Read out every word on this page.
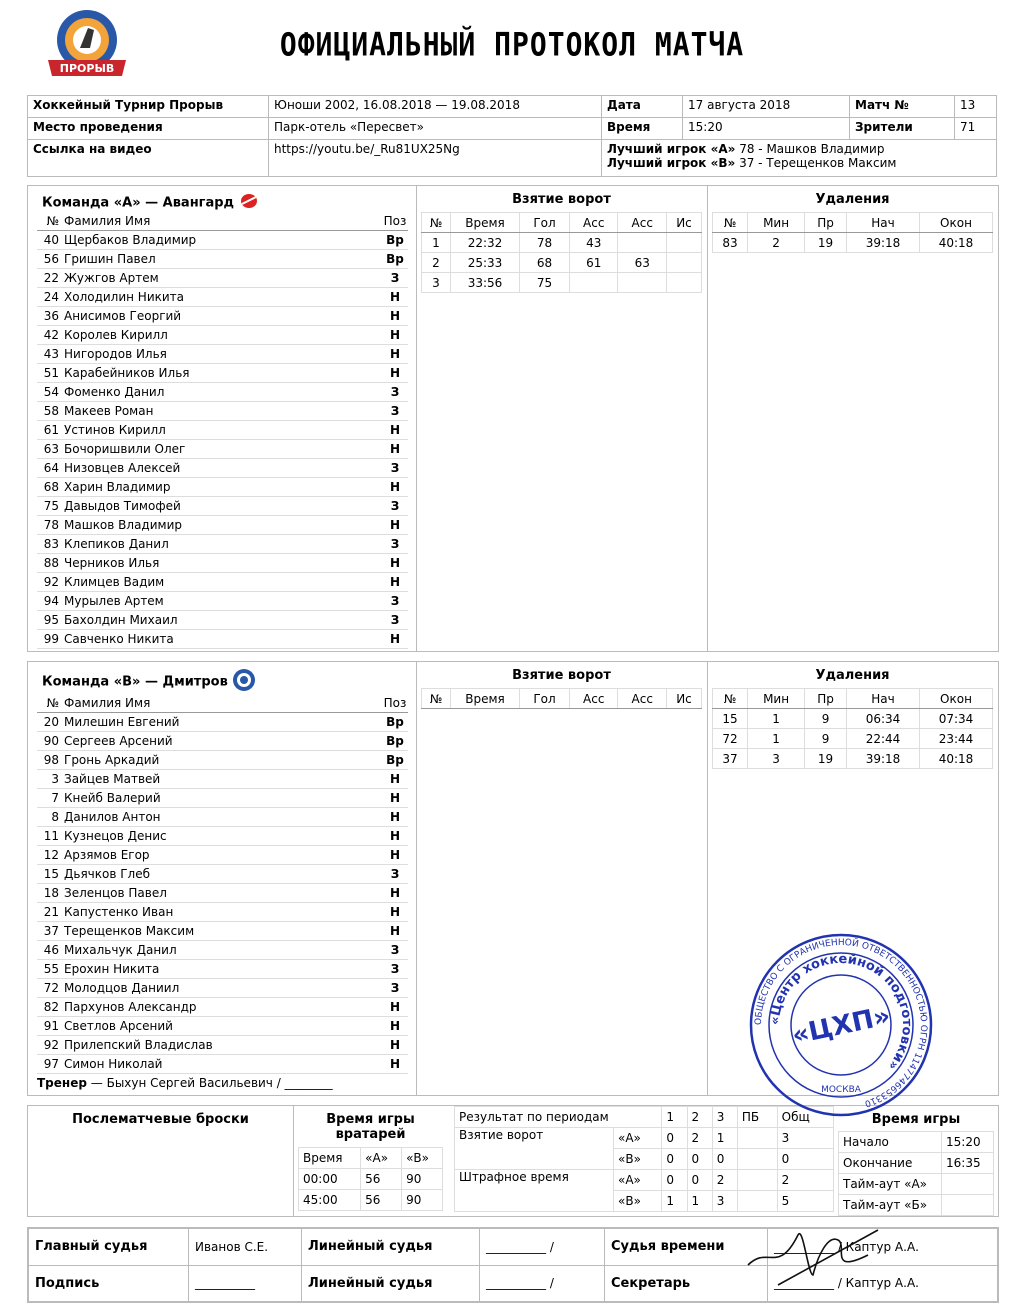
ПРОРЫВ
ОФИЦИАЛЬНЫЙ ПРОТОКОЛ МАТЧА
Хоккейный Турнир Прорыв	Юноши 2002, 16.08.2018 — 19.08.2018	Дата	17 августа 2018	Матч №	13
Место проведения	Парк-отель «Пересвет»	Время	15:20	Зрители	71
Ссылка на видео	https://youtu.be/_Ru81UX25Ng	Лучший игрок «А» 78 - Машков Владимир
Лучший игрок «В» 37 - Терещенков Максим			
Команда «А» — Авангард
№	Фамилия Имя	Поз
40	Щербаков Владимир	Вр
56	Гришин Павел	Вр
22	Жужгов Артем	З
24	Холодилин Никита	Н
36	Анисимов Георгий	Н
42	Королев Кирилл	Н
43	Нигородов Илья	Н
51	Карабейников Илья	Н
54	Фоменко Данил	З
58	Макеев Роман	З
61	Устинов Кирилл	Н
63	Бочоришвили Олег	Н
64	Низовцев Алексей	З
68	Харин Владимир	Н
75	Давыдов Тимофей	З
78	Машков Владимир	Н
83	Клепиков Данил	З
88	Черников Илья	Н
92	Климцев Вадим	Н
94	Мурылев Артем	З
95	Бахолдин Михаил	З
99	Савченко Никита	Н
Взятие ворот
№	Время	Гол	Асс	Асс	Ис
1	22:32	78	43		
2	25:33	68	61	63	
3	33:56	75			
Удаления
№	Мин	Пр	Нач	Окон
83	2	19	39:18	40:18
Команда «В» — Дмитров
№	Фамилия Имя	Поз
20	Милешин Евгений	Вр
90	Сергеев Арсений	Вр
98	Гронь Аркадий	Вр
3	Зайцев Матвей	Н
7	Кнейб Валерий	Н
8	Данилов Антон	Н
11	Кузнецов Денис	Н
12	Арзямов Егор	Н
15	Дьячков Глеб	З
18	Зеленцов Павел	Н
21	Капустенко Иван	Н
37	Терещенков Максим	Н
46	Михальчук Данил	З
55	Ерохин Никита	З
72	Молодцов Даниил	З
82	Пархунов Александр	Н
91	Светлов Арсений	Н
92	Прилепский Владислав	Н
97	Симон Николай	Н
Тренер — Быхун Сергей Васильевич / ________		
Взятие ворот
№	Время	Гол	Асс	Асс	Ис
Удаления
№	Мин	Пр	Нач	Окон
15	1	9	06:34	07:34
72	1	9	22:44	23:44
37	3	19	39:18	40:18
Послематчевые броски	Время игры вратарей
Время	«А»	«В»
00:00	56	90
45:00	56	90
Результат по периодам		1	2	3	ПБ	Общ
Взятие ворот	«А»	0	2	1		3
	«В»	0	0	0		0
Штрафное время	«А»	0	0	2		2
	«В»	1	1	3		5
Время игры
Начало	15:20
Окончание	16:35
Тайм-аут «А»	
Тайм-аут «Б»	
Главный судья	Иванов С.Е.	Линейный судья	__________ /	Судья времени	__________ / Каптур А.А.
Подпись	__________	Линейный судья	__________ /	Секретарь	__________ / Каптур А.А.
ОБЩЕСТВО С ОГРАНИЧЕННОЙ ОТВЕТСТВЕННОСТЬЮ ОГРН 1147746653310
«Центр хоккейной подготовки»
«ЦХП»
МОСКВА
